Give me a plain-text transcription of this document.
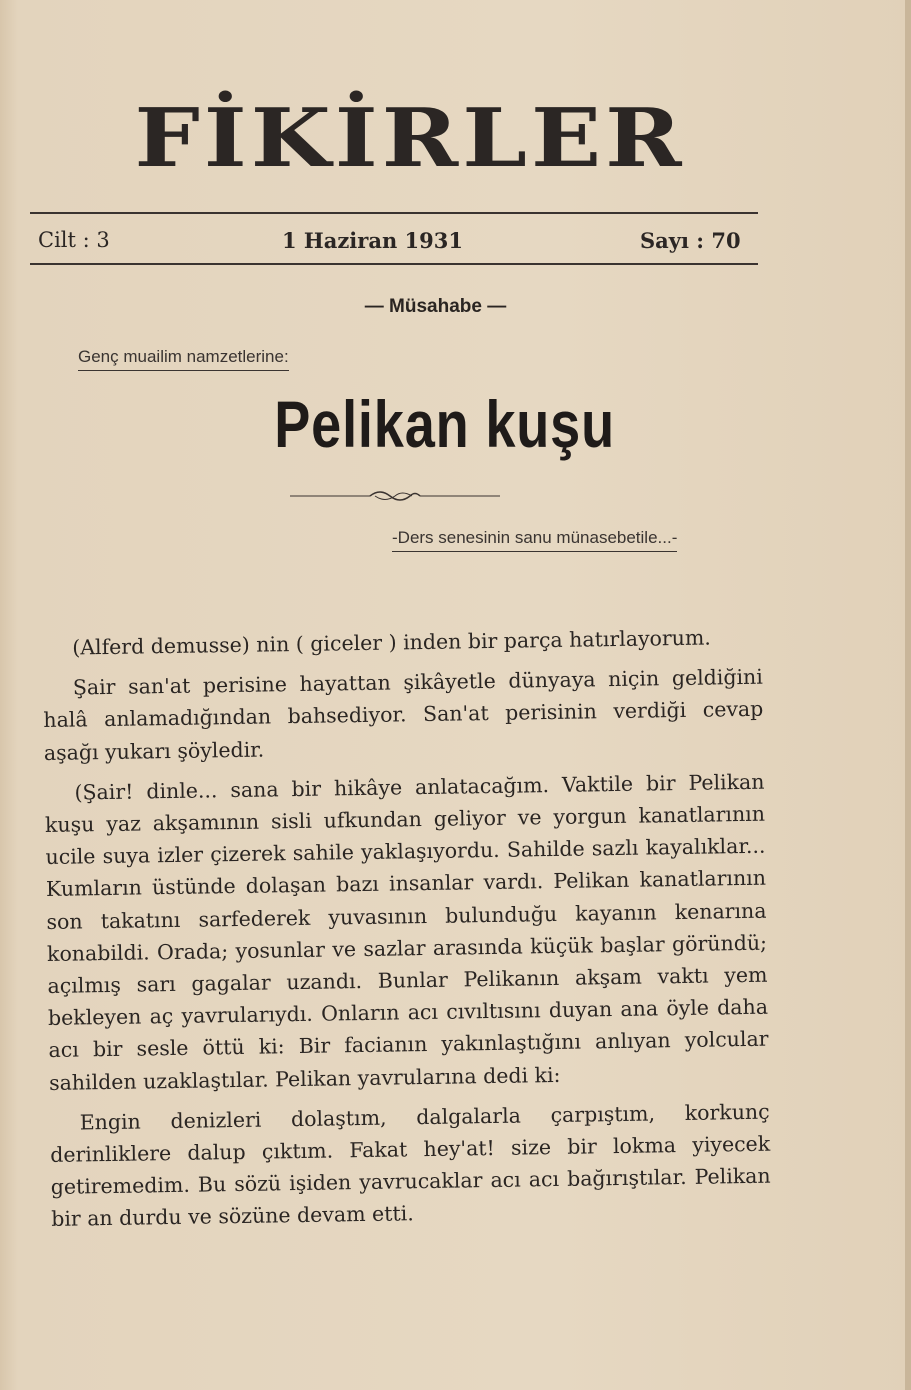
FİKİRLER
Cilt : 3	1 Haziran 1931	Sayı : 70
— Müsahabe —
Genç muailim namzetlerine:
Pelikan kuşu
-Ders senesinin sanu münasebetile...-

(Alferd demusse) nin ( giceler ) inden bir parça hatırlayorum.

Şair san'at perisine hayattan şikâyetle dünyaya niçin geldiğini halâ anlamadığından bahsediyor. San'at perisinin verdiği cevap aşağı yukarı şöyledir.

(Şair! dinle... sana bir hikâye anlatacağım. Vaktile bir Pelikan kuşu yaz akşamının sisli ufkundan geliyor ve yorgun kanatlarının ucile suya izler çizerek sahile yaklaşıyordu. Sahilde sazlı kayalıklar... Kumların üstünde dolaşan bazı insanlar vardı. Pelikan kanatlarının son takatını sarfederek yuvasının bulunduğu kayanın kenarına konabildi. Orada; yosunlar ve sazlar arasında küçük başlar göründü; açılmış sarı gagalar uzandı. Bunlar Pelikanın akşam vaktı yem bekleyen aç yavrularıydı. Onların acı cıvıltısını duyan ana öyle daha acı bir sesle öttü ki: Bir facianın yakınlaştığını anlıyan yolcular sahilden uzaklaştılar. Pelikan yavrularına dedi ki:

Engin denizleri dolaştım, dalgalarla çarpıştım, korkunç derinliklere dalup çıktım. Fakat hey'at! size bir lokma yiyecek getiremedim. Bu sözü işiden yavrucaklar acı acı bağırıştılar. Pelikan bir an durdu ve sözüne devam etti.
